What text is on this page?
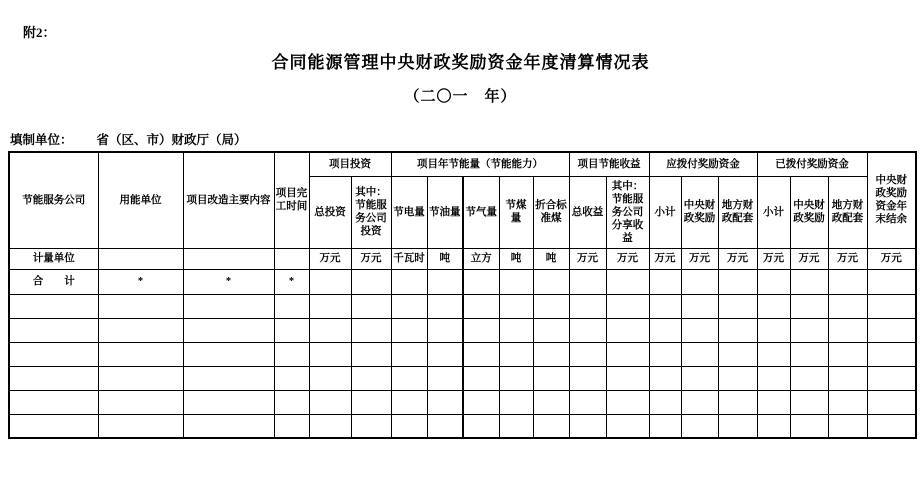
附2：
合同能源管理中央财政奖励资金年度清算情况表
（二〇一　年）
填制单位： 省（区、市）财政厅（局）
节能服务公司	用能单位	项目改造主要内容	项目完工时间	项目投资		项目年节能量（节能能力）					项目节能收益		应拨付奖励资金			已拨付奖励资金			中央财政奖励资金年末结余
				总投资	其中：节能服务公司投资	节电量	节油量	节气量	节煤量	折合标准煤	总收益	其中：节能服务公司分享收益	小计	中央财政奖励	地方财政配套	小计	中央财政奖励	地方财政配套	
计量单位				万元	万元	千瓦时	吨	立方	吨	吨	万元	万元	万元	万元	万元	万元	万元	万元	万元
合　　计	*	*	*																
